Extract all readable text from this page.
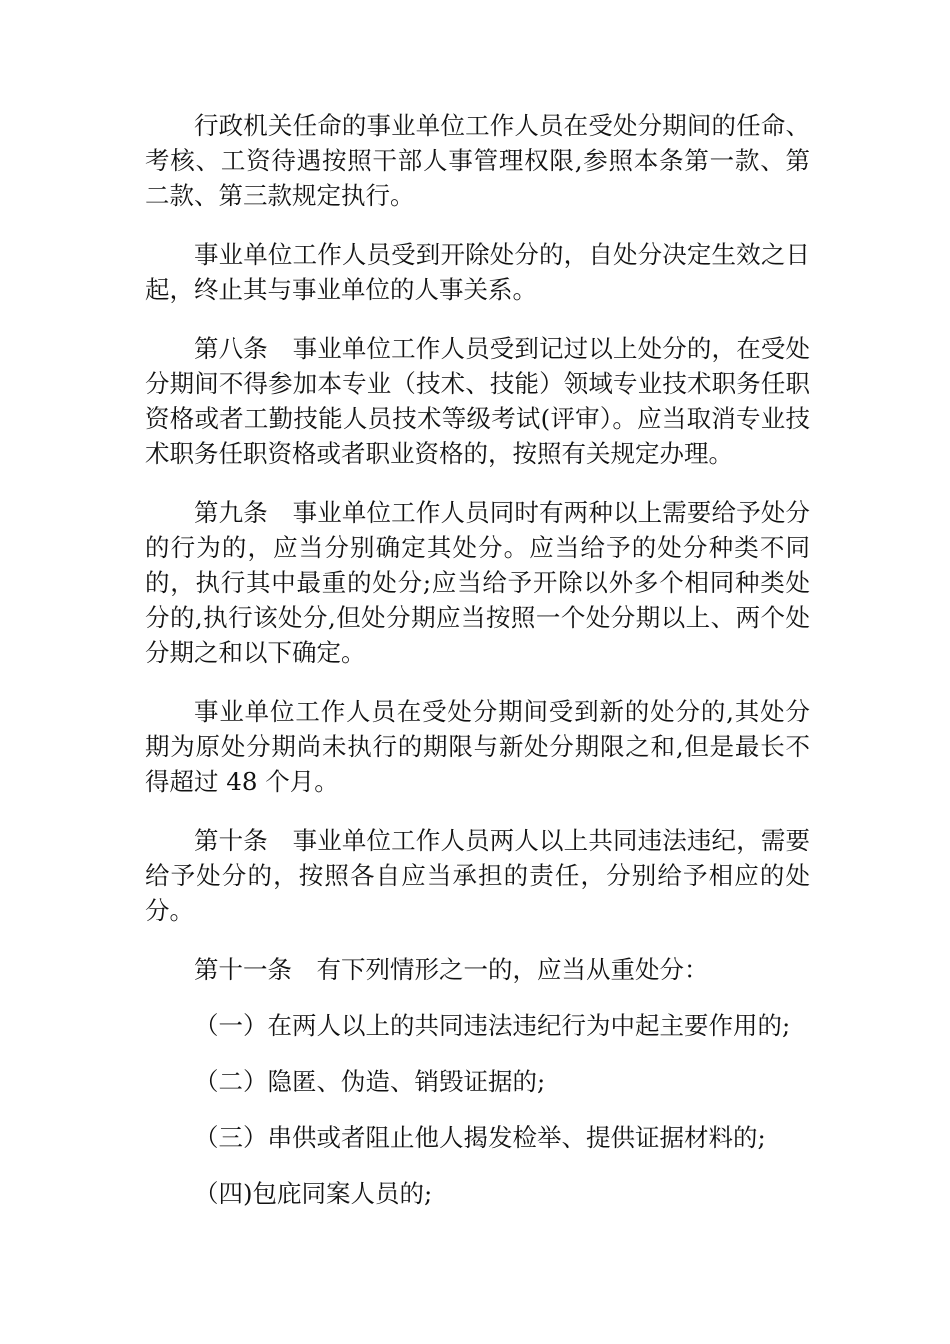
行政机关任命的事业单位工作人员在受处分期间的任命、考核、工资待遇按照干部人事管理权限,参照本条第一款、第二款、第三款规定执行。

事业单位工作人员受到开除处分的，自处分决定生效之日起，终止其与事业单位的人事关系。

第八条　事业单位工作人员受到记过以上处分的，在受处分期间不得参加本专业（技术、技能）领域专业技术职务任职资格或者工勤技能人员技术等级考试(评审）。应当取消专业技术职务任职资格或者职业资格的，按照有关规定办理。

第九条　事业单位工作人员同时有两种以上需要给予处分的行为的，应当分别确定其处分。应当给予的处分种类不同的，执行其中最重的处分;应当给予开除以外多个相同种类处分的,执行该处分,但处分期应当按照一个处分期以上、两个处分期之和以下确定。

事业单位工作人员在受处分期间受到新的处分的,其处分期为原处分期尚未执行的期限与新处分期限之和,但是最长不得超过 48 个月。

第十条　事业单位工作人员两人以上共同违法违纪，需要给予处分的，按照各自应当承担的责任，分别给予相应的处分。

第十一条　有下列情形之一的，应当从重处分：

（一）在两人以上的共同违法违纪行为中起主要作用的;

（二）隐匿、伪造、销毁证据的;

（三）串供或者阻止他人揭发检举、提供证据材料的;

（四)包庇同案人员的;
